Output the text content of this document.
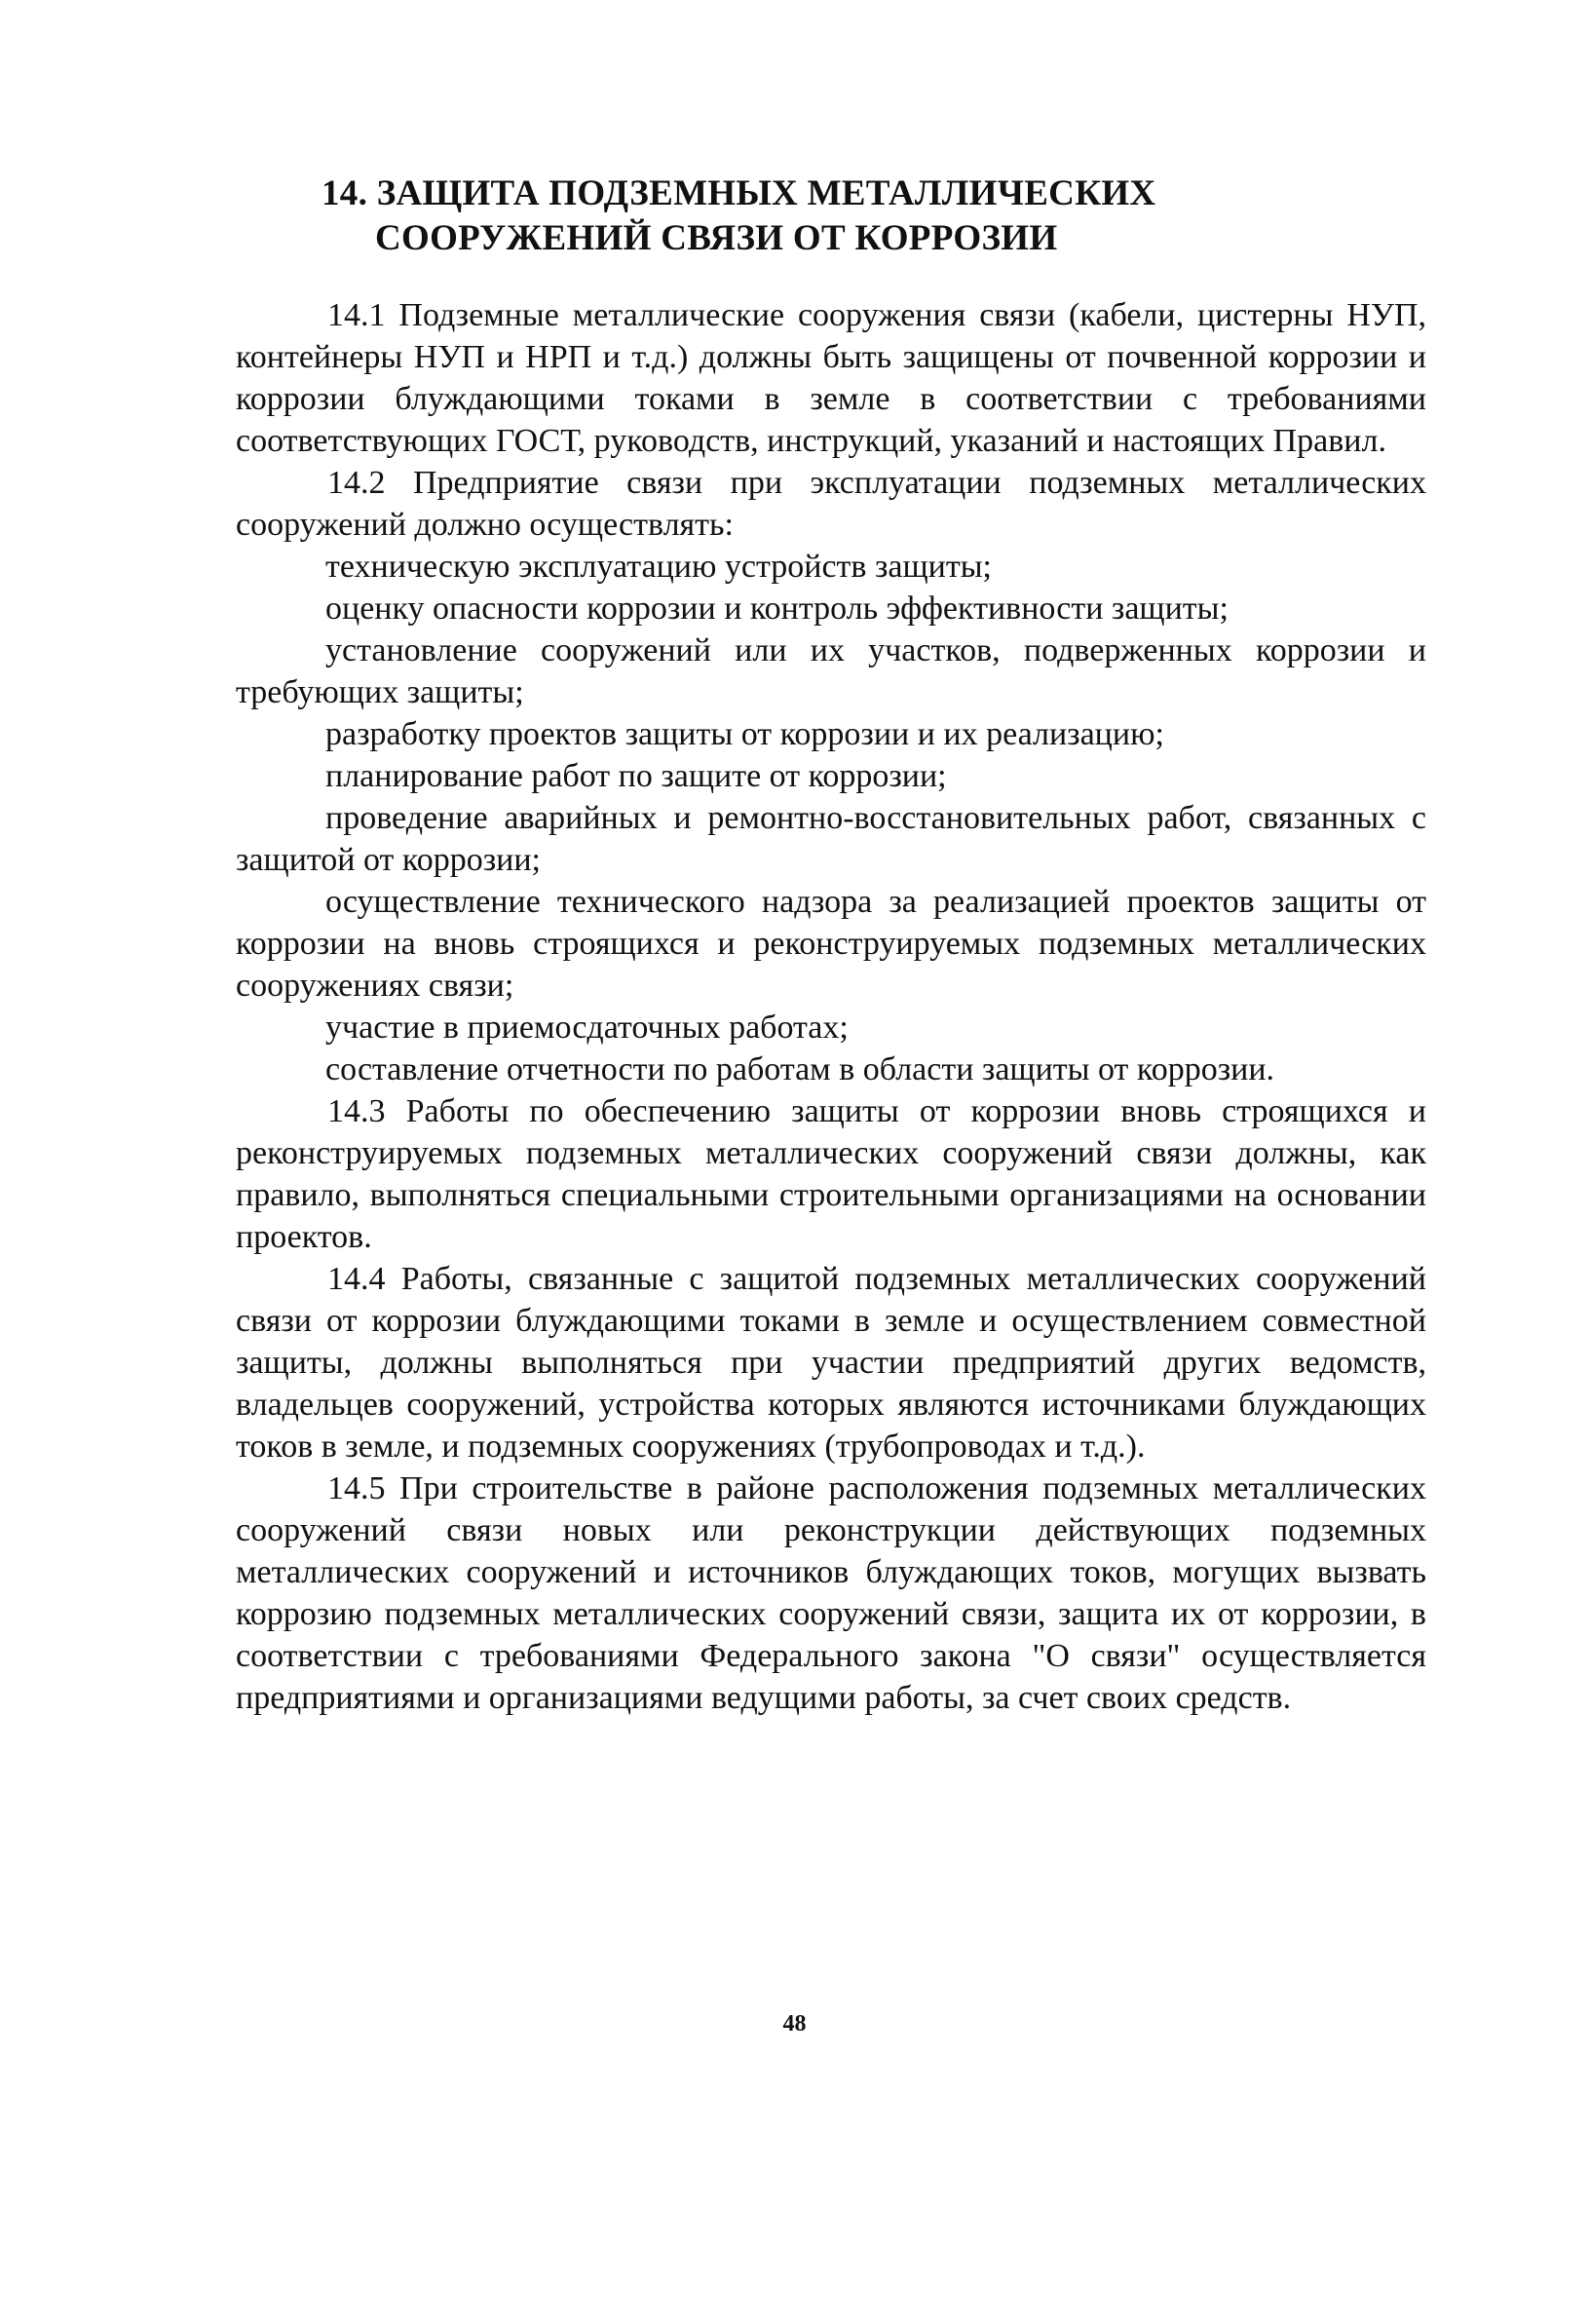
14. ЗАЩИТА ПОДЗЕМНЫХ МЕТАЛЛИЧЕСКИХ
СООРУЖЕНИЙ СВЯЗИ ОТ КОРРОЗИИ

14.1 Подземные металлические сооружения связи (кабели, цистерны НУП, контейнеры НУП и НРП и т.д.) должны быть защищены от почвенной коррозии и коррозии блуждающими токами в земле в соответствии с требованиями соответствующих ГОСТ, руководств, инструкций, указаний и настоящих Правил.

14.2 Предприятие связи при эксплуатации подземных металлических сооружений должно осуществлять:

техническую эксплуатацию устройств защиты;

оценку опасности коррозии и контроль эффективности защиты;

установление сооружений или их участков, подверженных коррозии и требующих защиты;

разработку проектов защиты от коррозии и их реализацию;

планирование работ по защите от коррозии;

проведение аварийных и ремонтно-восстановительных работ, связанных с защитой от коррозии;

осуществление технического надзора за реализацией проектов защиты от коррозии на вновь строящихся и реконструируемых подземных металлических сооружениях связи;

участие в приемосдаточных работах;

составление отчетности по работам в области защиты от коррозии.

14.3 Работы по обеспечению защиты от коррозии вновь строящихся и реконструируемых подземных металлических сооружений связи должны, как правило, выполняться специальными строительными организациями на основании проектов.

14.4 Работы, связанные с защитой подземных металлических сооружений связи от коррозии блуждающими токами в земле и осуществлением совместной защиты, должны выполняться при участии предприятий других ведомств, владельцев сооружений, устройства которых являются источниками блуждающих токов в земле, и подземных сооружениях (трубопроводах и т.д.).

14.5 При строительстве в районе расположения подземных металлических сооружений связи новых или реконструкции действующих подземных металлических сооружений и источников блуждающих токов, могущих вызвать коррозию подземных металлических сооружений связи, защита их от коррозии, в соответствии с требованиями Федерального закона "О связи" осуществляется предприятиями и организациями ведущими работы, за счет своих средств.

48
